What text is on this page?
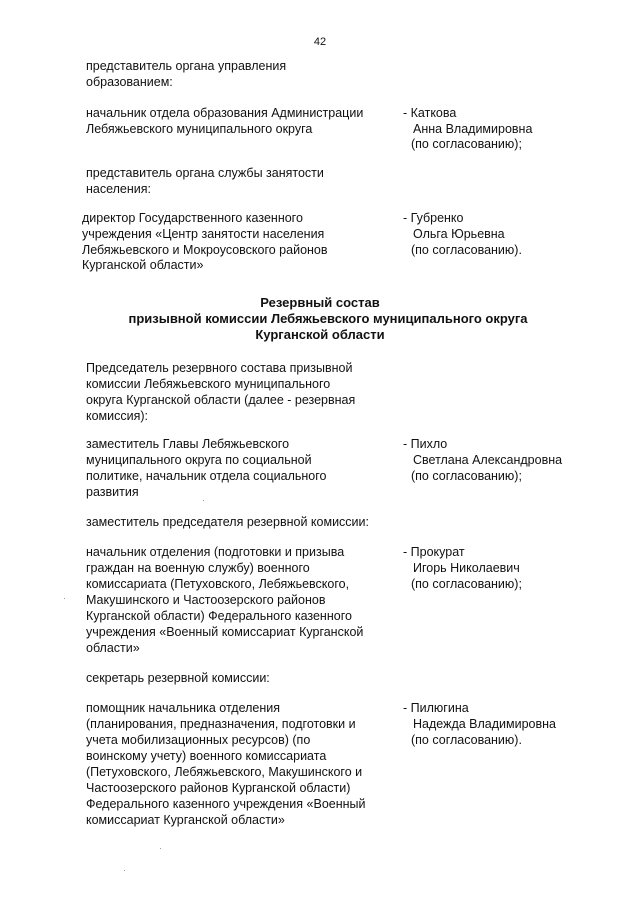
42
представитель органа управления
образованием:
начальник отдела образования Администрации
Лебяжьевского муниципального округа
- Каткова
Анна Владимировна
(по согласованию);
представитель органа службы занятости
населения:
директор Государственного казенного
учреждения «Центр занятости населения
Лебяжьевского и Мокроусовского районов
Курганской области»
- Губренко
Ольга Юрьевна
(по согласованию).
Резервный состав
призывной комиссии Лебяжьевского муниципального округа
Курганской области
Председатель резервного состава призывной
комиссии Лебяжьевского муниципального
округа Курганской области (далее - резервная
комиссия):
заместитель Главы Лебяжьевского
муниципального округа по социальной
политике, начальник отдела социального
развития
- Пихло
Светлана Александровна
(по согласованию);
заместитель председателя резервной комиссии:
начальник отделения (подготовки и призыва
граждан на военную службу) военного
комиссариата (Петуховского, Лебяжьевского,
Макушинского и Частоозерского районов
Курганской области) Федерального казенного
учреждения «Военный комиссариат Курганской
области»
- Прокурат
Игорь Николаевич
(по согласованию);
секретарь резервной комиссии:
помощник начальника отделения
(планирования, предназначения, подготовки и
учета мобилизационных ресурсов) (по
воинскому учету) военного комиссариата
(Петуховского, Лебяжьевского, Макушинского и
Частоозерского районов Курганской области)
Федерального казенного учреждения «Военный
комиссариат Курганской области»
- Пилюгина
Надежда Владимировна
(по согласованию).
